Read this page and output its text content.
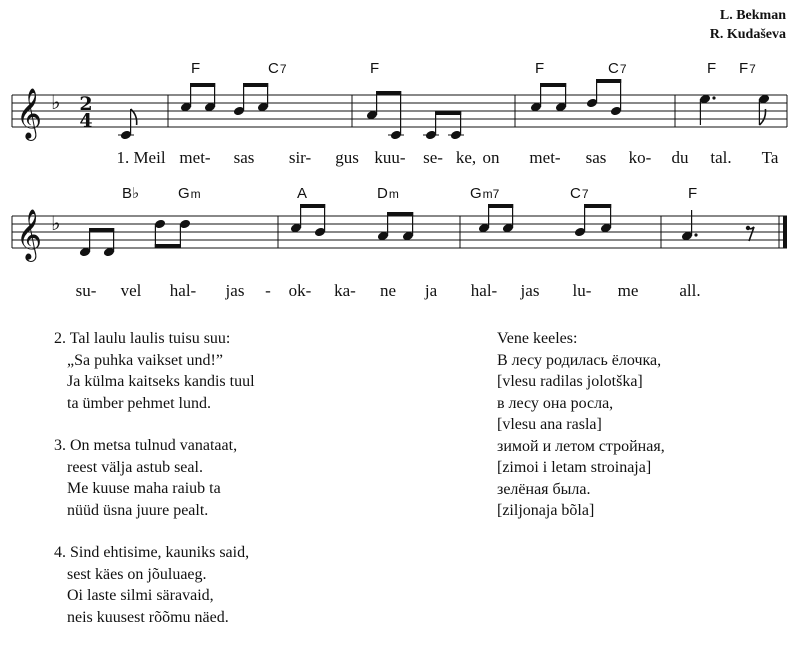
L. Bekman
R. Kudaševa
𝄞 ♭ 2
4
F	C7	F	F	C7	F F7
1. Meil met- sas sir- gus kuu- se- ke, on met- sas ko- du tal. Ta
𝄞 ♭
B♭	Gm	A	Dm	Gm7	C7	F
su- vel hal- jas - ok- ka- ne ja hal- jas lu- me all.
2. Tal laulu laulis tuisu suu:
„Sa puhka vaikset und!”
Ja külma kaitseks kandis tuul
ta ümber pehmet lund.
3. On metsa tulnud vanataat,
reest välja astub seal.
Me kuuse maha raiub ta
nüüd üsna juure pealt.
4. Sind ehtisime, kauniks said,
sest käes on jõuluaeg.
Oi laste silmi säravaid,
neis kuusest rõõmu näed.
Vene keeles:
В лесу родилась ёлочка,
[vlesu radilas jolotška]
в лесу она росла,
[vlesu ana rasla]
зимой и летом стройная,
[zimoi i letam stroinaja]
зелёная была.
[ziljonaja bõla]
